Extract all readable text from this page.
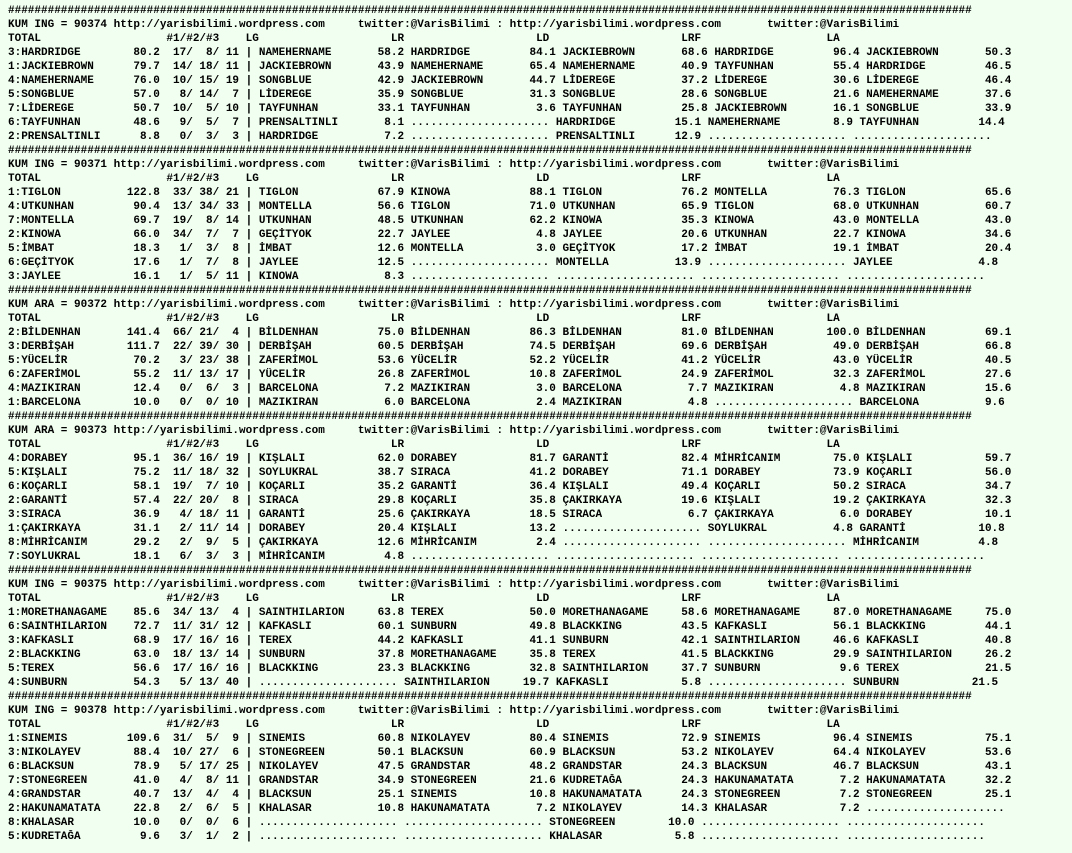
##################################################################################################################################################
KUM ING = 90374 http://yarisbilimi.wordpress.com     twitter:@VarisBilimi : http://yarisbilimi.wordpress.com       twitter:@VarisBilimi
TOTAL                   #1/#2/#3    LG                    LR                    LD                    LRF                   LA
3:HARDRIDGE        80.2  17/  8/ 11 | NAMEHERNAME       58.2 HARDRIDGE         84.1 JACKIEBROWN       68.6 HARDRIDGE         96.4 JACKIEBROWN       50.3
1:JACKIEBROWN      79.7  14/ 18/ 11 | JACKIEBROWN       43.9 NAMEHERNAME       65.4 NAMEHERNAME       40.9 TAYFUNHAN         55.4 HARDRIDGE         46.5
4:NAMEHERNAME      76.0  10/ 15/ 19 | SONGBLUE          42.9 JACKIEBROWN       44.7 LİDEREGE          37.2 LİDEREGE          30.6 LİDEREGE          46.4
5:SONGBLUE         57.0   8/ 14/  7 | LİDEREGE          35.9 SONGBLUE          31.3 SONGBLUE          28.6 SONGBLUE          21.6 NAMEHERNAME       37.6
7:LİDEREGE         50.7  10/  5/ 10 | TAYFUNHAN         33.1 TAYFUNHAN          3.6 TAYFUNHAN         25.8 JACKIEBROWN       16.1 SONGBLUE          33.9
6:TAYFUNHAN        48.6   9/  5/  7 | PRENSALTINLI       8.1 ..................... HARDRIDGE         15.1 NAMEHERNAME        8.9 TAYFUNHAN         14.4
2:PRENSALTINLI      8.8   0/  3/  3 | HARDRIDGE          7.2 ..................... PRENSALTINLI      12.9 ..................... .....................
##################################################################################################################################################
KUM ING = 90371 http://yarisbilimi.wordpress.com     twitter:@VarisBilimi : http://yarisbilimi.wordpress.com       twitter:@VarisBilimi
TOTAL                   #1/#2/#3    LG                    LR                    LD                    LRF                   LA
1:TIGLON          122.8  33/ 38/ 21 | TIGLON            67.9 KINOWA            88.1 TIGLON            76.2 MONTELLA          76.3 TIGLON            65.6
4:UTKUNHAN         90.4  13/ 34/ 33 | MONTELLA          56.6 TIGLON            71.0 UTKUNHAN          65.9 TIGLON            68.0 UTKUNHAN          60.7
7:MONTELLA         69.7  19/  8/ 14 | UTKUNHAN          48.5 UTKUNHAN          62.2 KINOWA            35.3 KINOWA            43.0 MONTELLA          43.0
2:KINOWA           66.0  34/  7/  7 | GEÇİTYOK          22.7 JAYLEE             4.8 JAYLEE            20.6 UTKUNHAN          22.7 KINOWA            34.6
5:İMBAT            18.3   1/  3/  8 | İMBAT             12.6 MONTELLA           3.0 GEÇİTYOK          17.2 İMBAT             19.1 İMBAT             20.4
6:GEÇİTYOK         17.6   1/  7/  8 | JAYLEE            12.5 ..................... MONTELLA          13.9 ..................... JAYLEE             4.8
3:JAYLEE           16.1   1/  5/ 11 | KINOWA             8.3 ..................... ..................... ..................... .....................
##################################################################################################################################################
KUM ARA = 90372 http://yarisbilimi.wordpress.com     twitter:@VarisBilimi : http://yarisbilimi.wordpress.com       twitter:@VarisBilimi
TOTAL                   #1/#2/#3    LG                    LR                    LD                    LRF                   LA
2:BİLDENHAN       141.4  66/ 21/  4 | BİLDENHAN         75.0 BİLDENHAN         86.3 BİLDENHAN         81.0 BİLDENHAN        100.0 BİLDENHAN         69.1
3:DERBİŞAH        111.7  22/ 39/ 30 | DERBİŞAH          60.5 DERBİŞAH          74.5 DERBİŞAH          69.6 DERBİŞAH          49.0 DERBİŞAH          66.8
5:YÜCELİR          70.2   3/ 23/ 38 | ZAFERİMOL         53.6 YÜCELİR           52.2 YÜCELİR           41.2 YÜCELİR           43.0 YÜCELİR           40.5
6:ZAFERİMOL        55.2  11/ 13/ 17 | YÜCELİR           26.8 ZAFERİMOL         10.8 ZAFERİMOL         24.9 ZAFERİMOL         32.3 ZAFERİMOL         27.6
4:MAZIKIRAN        12.4   0/  6/  3 | BARCELONA          7.2 MAZIKIRAN          3.0 BARCELONA          7.7 MAZIKIRAN          4.8 MAZIKIRAN         15.6
1:BARCELONA        10.0   0/  0/ 10 | MAZIKIRAN          6.0 BARCELONA          2.4 MAZIKIRAN          4.8 ..................... BARCELONA          9.6
##################################################################################################################################################
KUM ARA = 90373 http://yarisbilimi.wordpress.com     twitter:@VarisBilimi : http://yarisbilimi.wordpress.com       twitter:@VarisBilimi
TOTAL                   #1/#2/#3    LG                    LR                    LD                    LRF                   LA
4:DORABEY          95.1  36/ 16/ 19 | KIŞLALI           62.0 DORABEY           81.7 GARANTİ           82.4 MİHRİCANIM        75.0 KIŞLALI           59.7
5:KIŞLALI          75.2  11/ 18/ 32 | SOYLUKRAL         38.7 SIRACA            41.2 DORABEY           71.1 DORABEY           73.9 KOÇARLI           56.0
6:KOÇARLI          58.1  19/  7/ 10 | KOÇARLI           35.2 GARANTİ           36.4 KIŞLALI           49.4 KOÇARLI           50.2 SIRACA            34.7
2:GARANTİ          57.4  22/ 20/  8 | SIRACA            29.8 KOÇARLI           35.8 ÇAKIRKAYA         19.6 KIŞLALI           19.2 ÇAKIRKAYA         32.3
3:SIRACA           36.9   4/ 18/ 11 | GARANTİ           25.6 ÇAKIRKAYA         18.5 SIRACA             6.7 ÇAKIRKAYA          6.0 DORABEY           10.1
1:ÇAKIRKAYA        31.1   2/ 11/ 14 | DORABEY           20.4 KIŞLALI           13.2 ..................... SOYLUKRAL          4.8 GARANTİ           10.8
8:MİHRİCANIM       29.2   2/  9/  5 | ÇAKIRKAYA         12.6 MİHRİCANIM         2.4 ..................... ..................... MİHRİCANIM         4.8
7:SOYLUKRAL        18.1   6/  3/  3 | MİHRİCANIM         4.8 ..................... ..................... ..................... .....................
##################################################################################################################################################
KUM ING = 90375 http://yarisbilimi.wordpress.com     twitter:@VarisBilimi : http://yarisbilimi.wordpress.com       twitter:@VarisBilimi
TOTAL                   #1/#2/#3    LG                    LR                    LD                    LRF                   LA
1:MORETHANAGAME    85.6  34/ 13/  4 | SAINTHILARION     63.8 TEREX             50.0 MORETHANAGAME     58.6 MORETHANAGAME     87.0 MORETHANAGAME     75.0
6:SAINTHILARION    72.7  11/ 31/ 12 | KAFKASLI          60.1 SUNBURN           49.8 BLACKKING         43.5 KAFKASLI          56.1 BLACKKING         44.1
3:KAFKASLI         68.9  17/ 16/ 16 | TEREX             44.2 KAFKASLI          41.1 SUNBURN           42.1 SAINTHILARION     46.6 KAFKASLI          40.8
2:BLACKKING        63.0  18/ 13/ 14 | SUNBURN           37.8 MORETHANAGAME     35.8 TEREX             41.5 BLACKKING         29.9 SAINTHILARION     26.2
5:TEREX            56.6  17/ 16/ 16 | BLACKKING         23.3 BLACKKING         32.8 SAINTHILARION     37.7 SUNBURN            9.6 TEREX             21.5
4:SUNBURN          54.3   5/ 13/ 40 | ..................... SAINTHILARION     19.7 KAFKASLI           5.8 ..................... SUNBURN           21.5
##################################################################################################################################################
KUM ING = 90378 http://yarisbilimi.wordpress.com     twitter:@VarisBilimi : http://yarisbilimi.wordpress.com       twitter:@VarisBilimi
TOTAL                   #1/#2/#3    LG                    LR                    LD                    LRF                   LA
1:SINEMIS         109.6  31/  5/  9 | SINEMIS           60.8 NIKOLAYEV         80.4 SINEMIS           72.9 SINEMIS           96.4 SINEMIS           75.1
3:NIKOLAYEV        88.4  10/ 27/  6 | STONEGREEN        50.1 BLACKSUN          60.9 BLACKSUN          53.2 NIKOLAYEV         64.4 NIKOLAYEV         53.6
6:BLACKSUN         78.9   5/ 17/ 25 | NIKOLAYEV         47.5 GRANDSTAR         48.2 GRANDSTAR         24.3 BLACKSUN          46.7 BLACKSUN          43.1
7:STONEGREEN       41.0   4/  8/ 11 | GRANDSTAR         34.9 STONEGREEN        21.6 KUDRETAĞA         24.3 HAKUNAMATATA       7.2 HAKUNAMATATA      32.2
4:GRANDSTAR        40.7  13/  4/  4 | BLACKSUN          25.1 SINEMIS           10.8 HAKUNAMATATA      24.3 STONEGREEN         7.2 STONEGREEN        25.1
2:HAKUNAMATATA     22.8   2/  6/  5 | KHALASAR          10.8 HAKUNAMATATA       7.2 NIKOLAYEV         14.3 KHALASAR           7.2 .....................
8:KHALASAR         10.0   0/  0/  6 | ..................... ..................... STONEGREEN        10.0 ..................... .....................
5:KUDRETAĞA         9.6   3/  1/  2 | ..................... ..................... KHALASAR           5.8 ..................... .....................
